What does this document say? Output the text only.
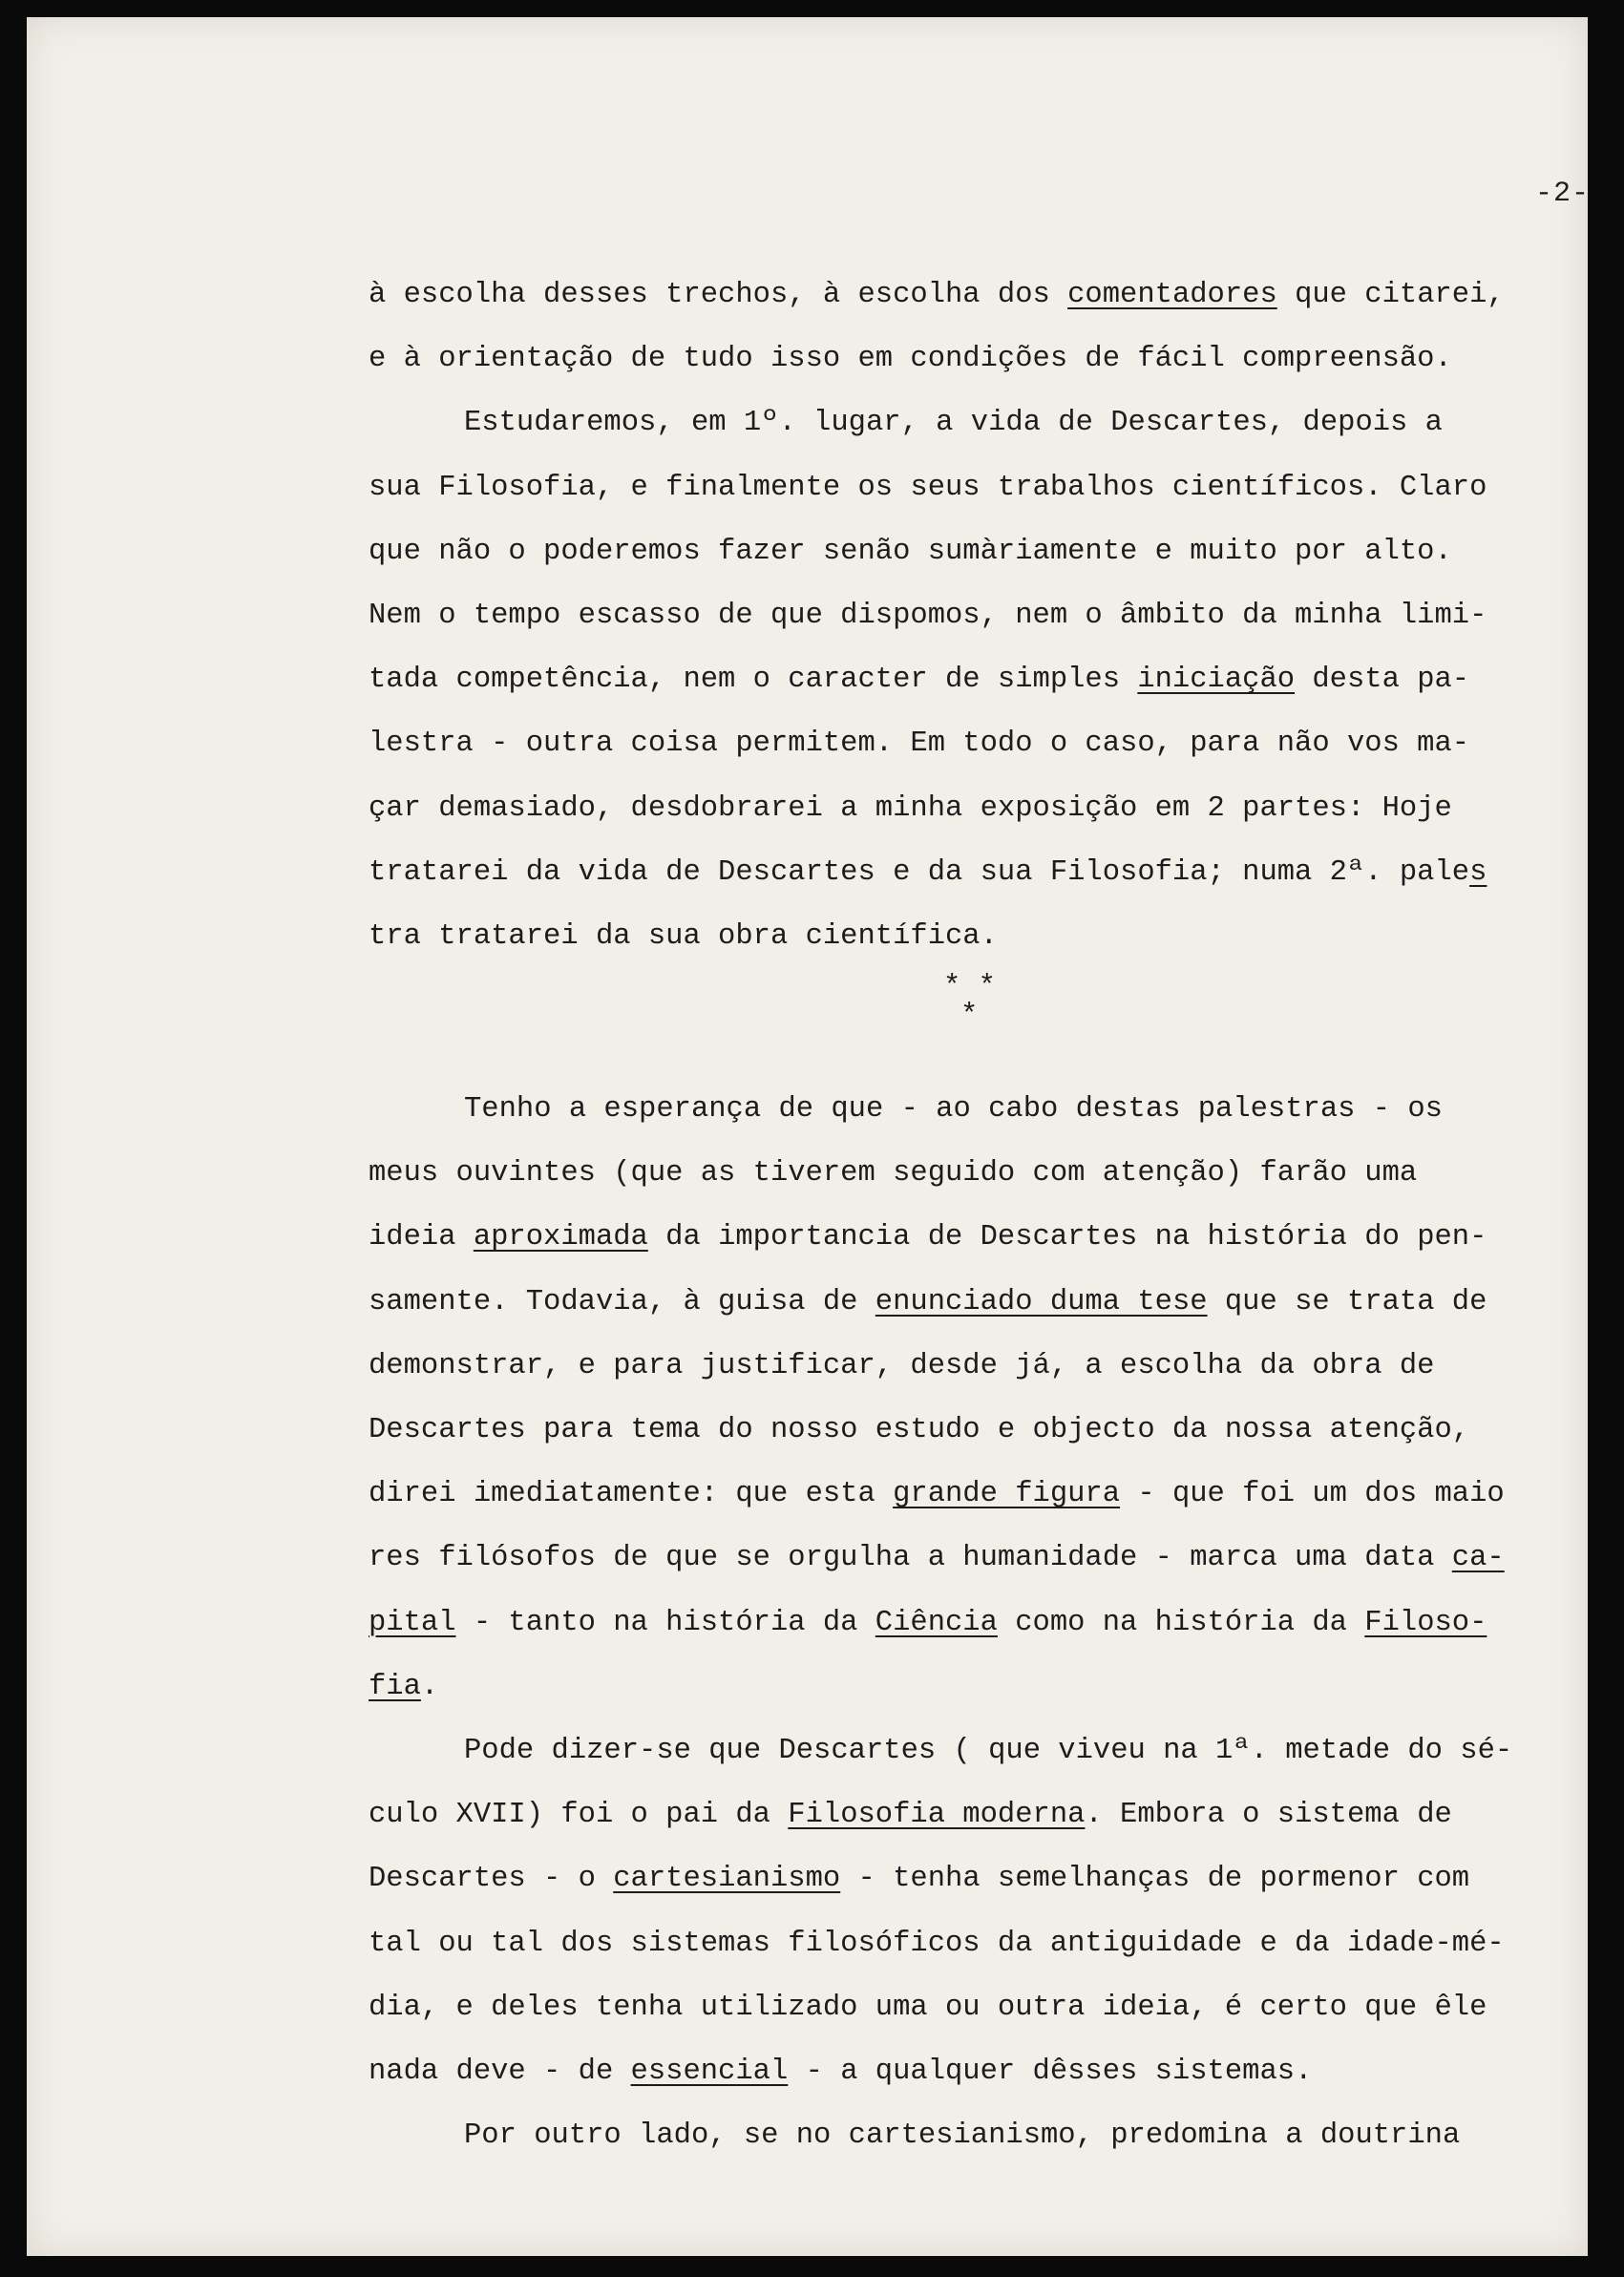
-2-
à escolha desses trechos, à escolha dos comentadores que citarei,
e à orientação de tudo isso em condições de fácil compreensão.
Estudaremos, em 1º. lugar, a vida de Descartes, depois a
sua Filosofia, e finalmente os seus trabalhos científicos. Claro
que não o poderemos fazer senão sumàriamente e muito por alto.
Nem o tempo escasso de que dispomos, nem o âmbito da minha limi-
tada competência, nem o caracter de simples iniciação desta pa-
lestra - outra coisa permitem. Em todo o caso, para não vos ma-
çar demasiado, desdobrarei a minha exposição em 2 partes: Hoje
tratarei da vida de Descartes e da sua Filosofia; numa 2ª. pales
tra tratarei da sua obra científica.
* *
*
Tenho a esperança de que - ao cabo destas palestras - os
meus ouvintes (que as tiverem seguido com atenção) farão uma
ideia aproximada da importancia de Descartes na história do pen-
samente. Todavia, à guisa de enunciado duma tese que se trata de
demonstrar, e para justificar, desde já, a escolha da obra de
Descartes para tema do nosso estudo e objecto da nossa atenção,
direi imediatamente: que esta grande figura - que foi um dos maio
res filósofos de que se orgulha a humanidade - marca uma data ca-
pital - tanto na história da Ciência como na história da Filoso-
fia.
Pode dizer-se que Descartes ( que viveu na 1ª. metade do sé-
culo XVII) foi o pai da Filosofia moderna. Embora o sistema de
Descartes - o cartesianismo - tenha semelhanças de pormenor com
tal ou tal dos sistemas filosóficos da antiguidade e da idade-mé-
dia, e deles tenha utilizado uma ou outra ideia, é certo que êle
nada deve - de essencial - a qualquer dêsses sistemas.
Por outro lado, se no cartesianismo, predomina a doutrina
